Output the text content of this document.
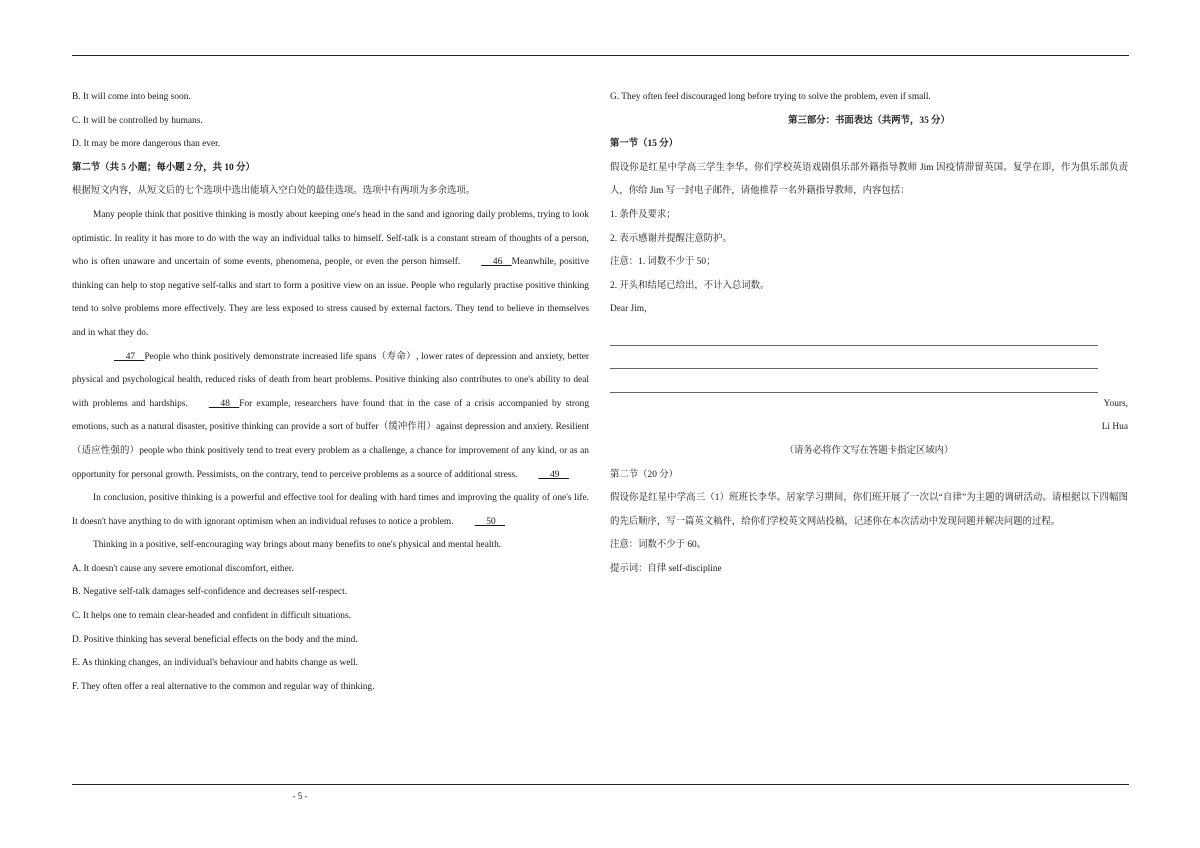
B. It will come into being soon.

C. It will be controlled by humans.

D. It may be more dangerous than ever.

第二节（共 5 小题；每小题 2 分，共 10 分）

根据短文内容，从短文后的七个选项中选出能填入空白处的最佳选项。选项中有两项为多余选项。

Many people think that positive thinking is mostly about keeping one's head in the sand and ignoring daily problems, trying to look optimistic. In reality it has more to do with the way an individual talks to himself. Self-talk is a constant stream of thoughts of a person, who is often unaware and uncertain of some events, phenomena, people, or even the person himself.     46    Meanwhile, positive thinking can help to stop negative self-talks and start to form a positive view on an issue. People who regularly practise positive thinking tend to solve problems more effectively. They are less exposed to stress caused by external factors. They tend to believe in themselves and in what they do.

47    People who think positively demonstrate increased life spans（寿命）, lower rates of depression and anxiety, better physical and psychological health, reduced risks of death from heart problems. Positive thinking also contributes to one's ability to deal with problems and hardships.     48    For example, researchers have found that in the case of a crisis accompanied by strong emotions, such as a natural disaster, positive thinking can provide a sort of buffer（缓冲作用）against depression and anxiety. Resilient（适应性强的）people who think positively tend to treat every problem as a challenge, a chance for improvement of any kind, or as an opportunity for personal growth. Pessimists, on the contrary, tend to perceive problems as a source of additional stress.     49

In conclusion, positive thinking is a powerful and effective tool for dealing with hard times and improving the quality of one's life. It doesn't have anything to do with ignorant optimism when an individual refuses to notice a problem.     50

Thinking in a positive, self-encouraging way brings about many benefits to one's physical and mental health.

A. It doesn't cause any severe emotional discomfort, either.

B. Negative self-talk damages self-confidence and decreases self-respect.

C. It helps one to remain clear-headed and confident in difficult situations.

D. Positive thinking has several beneficial effects on the body and the mind.

E. As thinking changes, an individual's behaviour and habits change as well.

F. They often offer a real alternative to the common and regular way of thinking.

G. They often feel discouraged long before trying to solve the problem, even if small.

第三部分：书面表达（共两节，35 分）

第一节（15 分）

假设你是红星中学高三学生李华。你们学校英语戏剧俱乐部外籍指导教师 Jim 因疫情滞留英国。复学在即，作为俱乐部负责人，你给 Jim 写一封电子邮件，请他推荐一名外籍指导教师，内容包括：

1. 条件及要求；

2. 表示感谢并提醒注意防护。

注意：1. 词数不少于 50；

2. 开头和结尾已给出，不计入总词数。

Dear Jim,

Yours,

Li Hua

（请务必将作文写在答题卡指定区域内）

第二节（20 分）

假设你是红星中学高三（1）班班长李华。居家学习期间，你们班开展了一次以“自律”为主题的调研活动。请根据以下四幅图的先后顺序，写一篇英文稿件，给你们学校英文网站投稿，记述你在本次活动中发现问题并解决问题的过程。

注意：词数不少于 60。

提示词：自律 self-discipline

- 5 -
